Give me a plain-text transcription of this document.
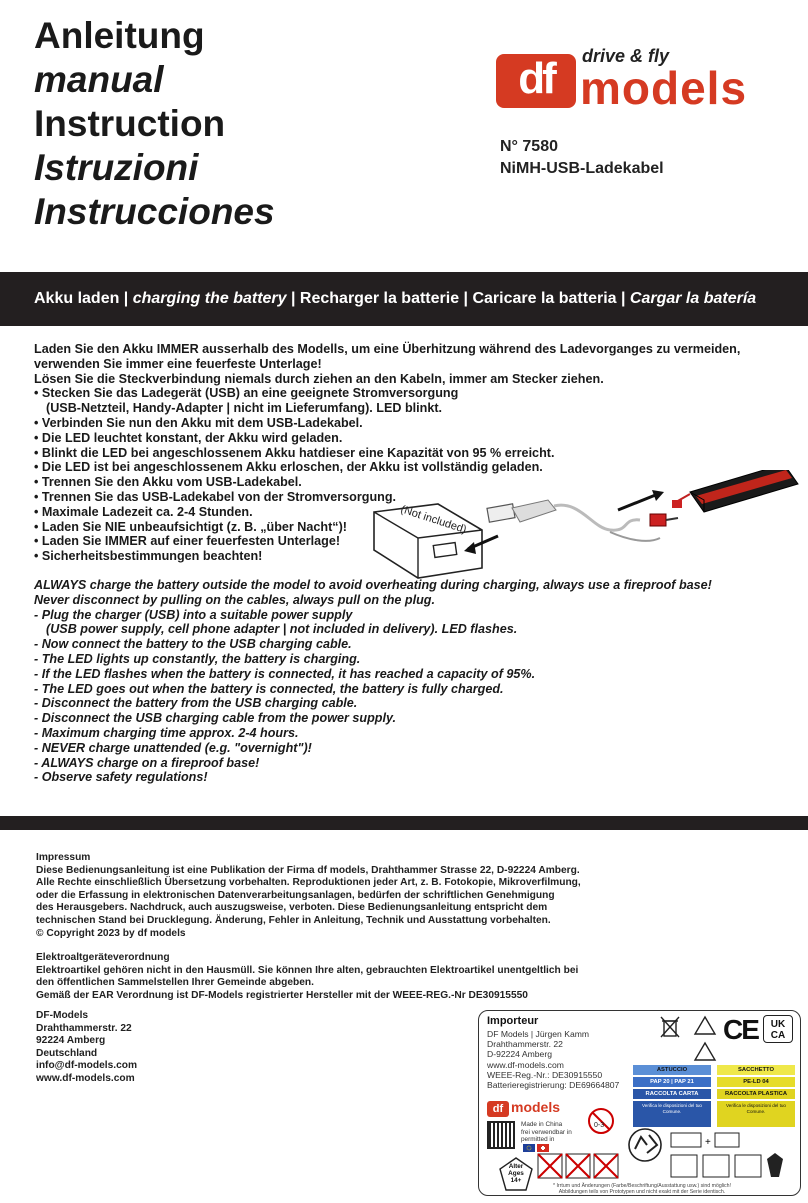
Anleitung
manual
Instruction
Istruzioni
Instrucciones
df	drive & fly
models
N° 7580
NiMH-USB-Ladekabel
Akku laden | charging the battery | Recharger la batterie | Caricare la batteria | Cargar la batería
Laden Sie den Akku IMMER ausserhalb des Modells, um eine Überhitzung während des Ladevorganges zu vermeiden,
verwenden Sie immer eine feuerfeste Unterlage!
Lösen Sie die Steckverbindung niemals durch ziehen an den Kabeln, immer am Stecker ziehen.
• Stecken Sie das Ladegerät (USB) an eine geeignete Stromversorgung
(USB-Netzteil, Handy-Adapter | nicht im Lieferumfang). LED blinkt.
• Verbinden Sie nun den Akku mit dem USB-Ladekabel.
• Die LED leuchtet konstant, der Akku wird geladen.
• Blinkt die LED bei angeschlossenem Akku hatdieser eine Kapazität von 95 % erreicht.
• Die LED ist bei angeschlossenem Akku erloschen, der Akku ist vollständig geladen.
• Trennen Sie den Akku vom USB-Ladekabel.
• Trennen Sie das USB-Ladekabel von der Stromversorgung.
• Maximale Ladezeit ca. 2-4 Stunden.
• Laden Sie NIE unbeaufsichtigt (z. B. „über Nacht“)!
• Laden Sie IMMER auf einer feuerfesten Unterlage!
• Sicherheitsbestimmungen beachten!
(Not included)
ALWAYS charge the battery outside the model to avoid overheating during charging, always use a fireproof base!
Never disconnect by pulling on the cables, always pull on the plug.
- Plug the charger (USB) into a suitable power supply
(USB power supply, cell phone adapter | not included in delivery). LED flashes.
- Now connect the battery to the USB charging cable.
- The LED lights up constantly, the battery is charging.
- If the LED flashes when the battery is connected, it has reached a capacity of 95%.
- The LED goes out when the battery is connected, the battery is fully charged.
- Disconnect the battery from the USB charging cable.
- Disconnect the USB charging cable from the power supply.
- Maximum charging time approx. 2-4 hours.
- NEVER charge unattended (e.g. "overnight")!
- ALWAYS charge on a fireproof base!
- Observe safety regulations!
Impressum
Diese Bedienungsanleitung ist eine Publikation der Firma df models, Drahthammer Strasse 22, D-92224 Amberg.
Alle Rechte einschließlich Übersetzung vorbehalten. Reproduktionen jeder Art, z. B. Fotokopie, Mikroverfilmung,
oder die Erfassung in elektronischen Datenverarbeitungsanlagen, bedürfen der schriftlichen Genehmigung
des Herausgebers. Nachdruck, auch auszugsweise, verboten. Diese Bedienungsanleitung entspricht dem
technischen Stand bei Drucklegung. Änderung, Fehler in Anleitung, Technik und Ausstattung vorbehalten.
© Copyright 2023 by df models
Elektroaltgeräteverordnung
Elektroartikel gehören nicht in den Hausmüll. Sie können Ihre alten, gebrauchten Elektroartikel unentgeltlich bei
den öffentlichen Sammelstellen Ihrer Gemeinde abgeben.
Gemäß der EAR Verordnung ist DF-Models registrierter Hersteller mit der WEEE-REG.-Nr DE30915550
DF-Models
Drahthammerstr. 22
92224 Amberg
Deutschland
info@df-models.com
www.df-models.com
Importeur
DF Models | Jürgen Kamm
Drahthammerstr. 22
D-92224 Amberg
www.df-models.com
WEEE-Reg.-Nr.: DE30915550
Batterieregistrierung: DE69664807
df models
Made in China
frei verwendbar in
permitted in
0-3
Alter
Ages
14+
CE	UK
CA
ASTUCCIO
PAP 20 | PAP 21
RACCOLTA CARTA
Verifica le disposizioni del tuo Comune.
SACCHETTO
PE-LD 04
RACCOLTA PLASTICA
Verifica le disposizioni del tuo Comune.
+
* Irrtum und Änderungen (Farbe/Beschriftung/Ausstattung usw.) sind möglich!
Abbildungen teils von Prototypen und nicht exakt mit der Serie identisch.
